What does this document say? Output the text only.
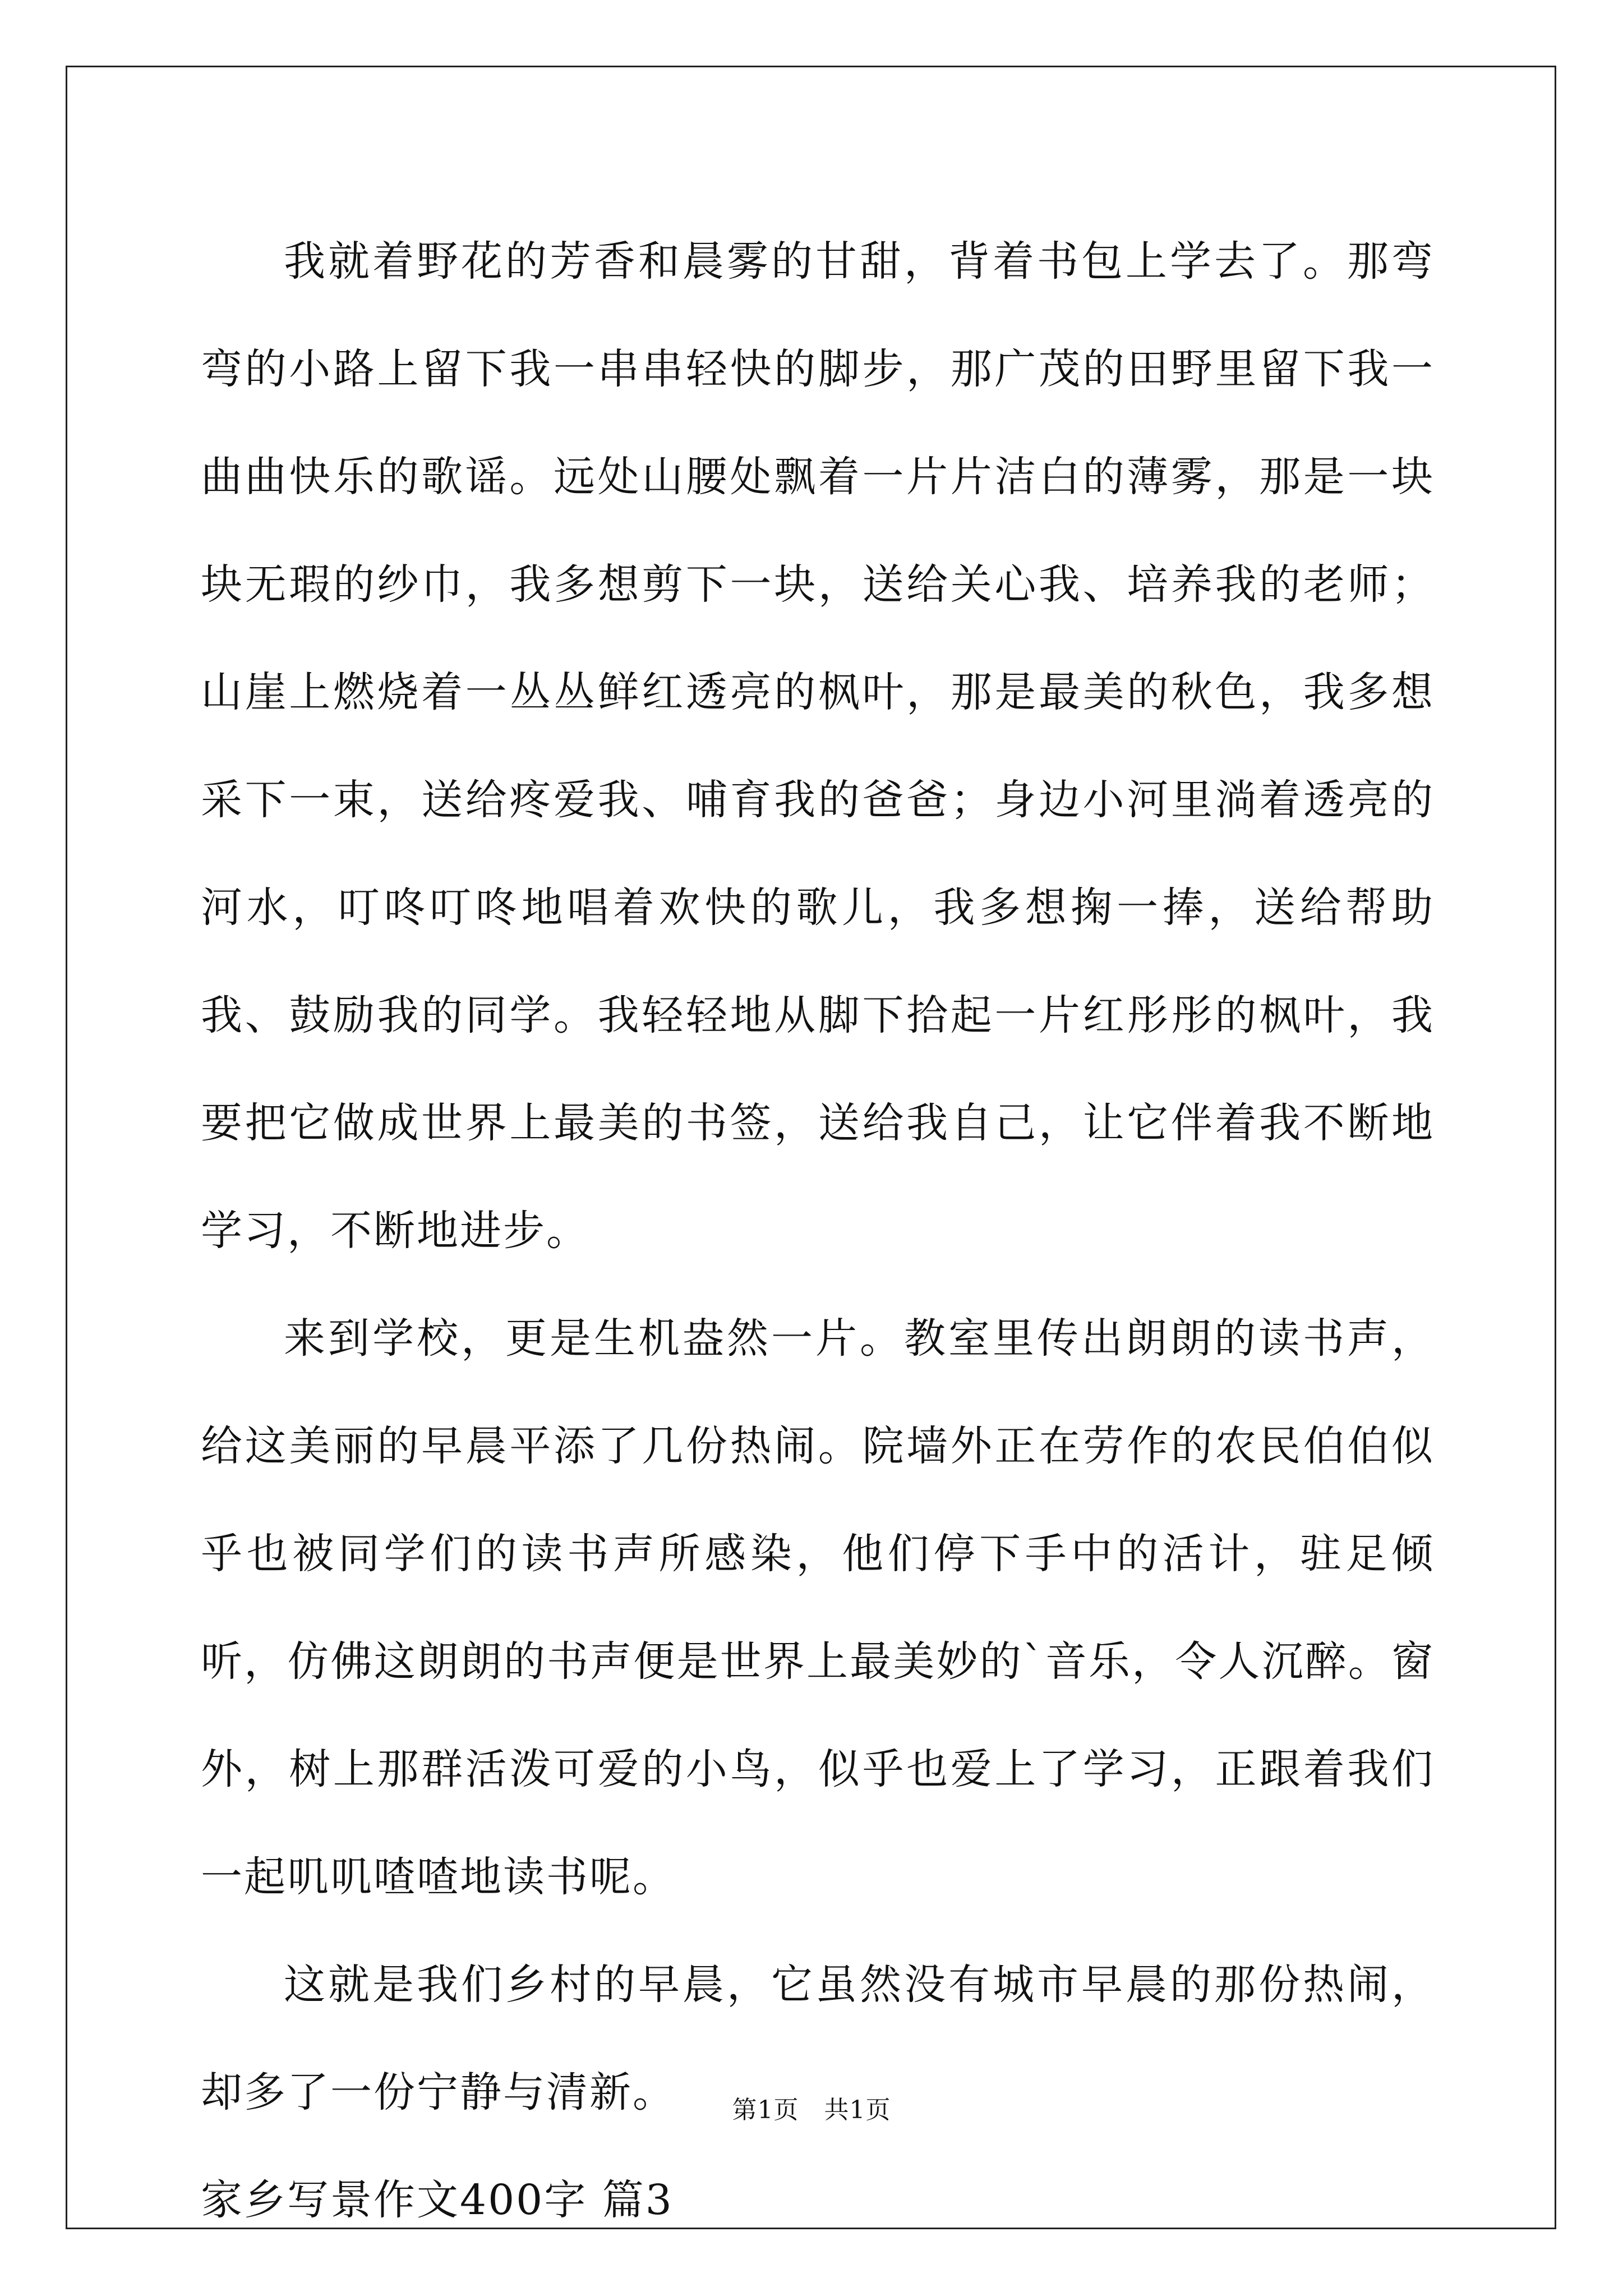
我就着野花的芳香和晨雾的甘甜，背着书包上学去了。那弯弯的小路上留下我一串串轻快的脚步，那广茂的田野里留下我一曲曲快乐的歌谣。远处山腰处飘着一片片洁白的薄雾，那是一块块无瑕的纱巾，我多想剪下一块，送给关心我、培养我的老师；山崖上燃烧着一丛丛鲜红透亮的枫叶，那是最美的秋色，我多想采下一束，送给疼爱我、哺育我的爸爸；身边小河里淌着透亮的河水，叮咚叮咚地唱着欢快的歌儿，我多想掬一捧，送给帮助我、鼓励我的同学。我轻轻地从脚下拾起一片红彤彤的枫叶，我要把它做成世界上最美的书签，送给我自己，让它伴着我不断地学习，不断地进步。

来到学校，更是生机盎然一片。教室里传出朗朗的读书声，给这美丽的早晨平添了几份热闹。院墙外正在劳作的农民伯伯似乎也被同学们的读书声所感染，他们停下手中的活计，驻足倾听，仿佛这朗朗的书声便是世界上最美妙的`音乐，令人沉醉。窗外，树上那群活泼可爱的小鸟，似乎也爱上了学习，正跟着我们一起叽叽喳喳地读书呢。

这就是我们乡村的早晨，它虽然没有城市早晨的那份热闹，却多了一份宁静与清新。

家乡写景作文400字 篇3

第1页 共1页
